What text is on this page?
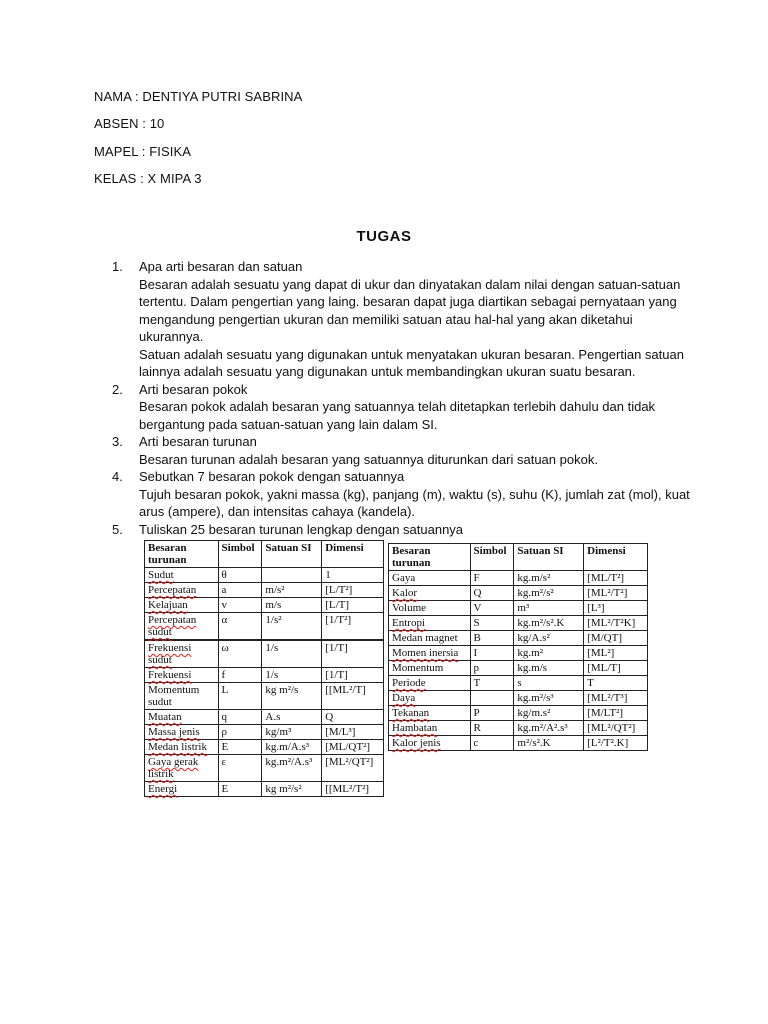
NAMA : DENTIYA PUTRI SABRINA
ABSEN : 10
MAPEL : FISIKA
KELAS : X MIPA 3
TUGAS
1. Apa arti besaran dan satuan

Besaran adalah sesuatu yang dapat di ukur dan dinyatakan dalam nilai dengan satuan-satuan tertentu. Dalam pengertian yang laing. besaran dapat juga diartikan sebagai pernyataan yang mengandung pengertian ukuran dan memiliki satuan atau hal-hal yang akan diketahui ukurannya.

Satuan adalah sesuatu yang digunakan untuk menyatakan ukuran besaran. Pengertian satuan lainnya adalah sesuatu yang digunakan untuk membandingkan ukuran suatu besaran.

2. Arti besaran pokok

Besaran pokok adalah besaran yang satuannya telah ditetapkan terlebih dahulu dan tidak bergantung pada satuan-satuan yang lain dalam SI.

3. Arti besaran turunan

Besaran turunan adalah besaran yang satuannya diturunkan dari satuan pokok.

4. Sebutkan 7 besaran pokok dengan satuannya

Tujuh besaran pokok, yakni massa (kg), panjang (m), waktu (s), suhu (K), jumlah zat (mol), kuat arus (ampere), dan intensitas cahaya (kandela).

5. Tuliskan 25 besaran turunan lengkap dengan satuannya

Besaran turunan	Simbol	Satuan SI	Dimensi
Sudut	θ		1
Percepatan	a	m/s²	[L/T²]
Kelajuan	v	m/s	[L/T]
Percepatan sudut	α	1/s²	[1/T²]
Frekuensi sudut	ω	1/s	[1/T]
Frekuensi	f	1/s	[1/T]
Momentum sudut	L	kg m²/s	[[ML²/T]
Muatan	q	A.s	Q
Massa jenis	ρ	kg/m³	[M/L³]
Medan listrik	E	kg.m/A.s³	[ML/QT²]
Gaya gerak listrik	ε	kg.m²/A.s³	[ML²/QT²]
Energi	E	kg m²/s²	[[ML²/T²]
Besaran turunan	Simbol	Satuan SI	Dimensi
Gaya	F	kg.m/s²	[ML/T²]
Kalor	Q	kg.m²/s²	[ML²/T²]
Volume	V	m³	[L³]
Entropi	S	kg.m²/s².K	[ML²/T²K]
Medan magnet	B	kg/A.s²	[M/QT]
Momen inersia	I	kg.m²	[ML²]
Momentum	p	kg.m/s	[ML/T]
Periode	T	s	T
Daya		kg.m²/s³	[ML²/T³]
Tekanan	P	kg/m.s²	[M/LT²]
Hambatan	R	kg.m²/A².s³	[ML²/QT²]
Kalor jenis	c	m²/s².K	[L²/T².K]
